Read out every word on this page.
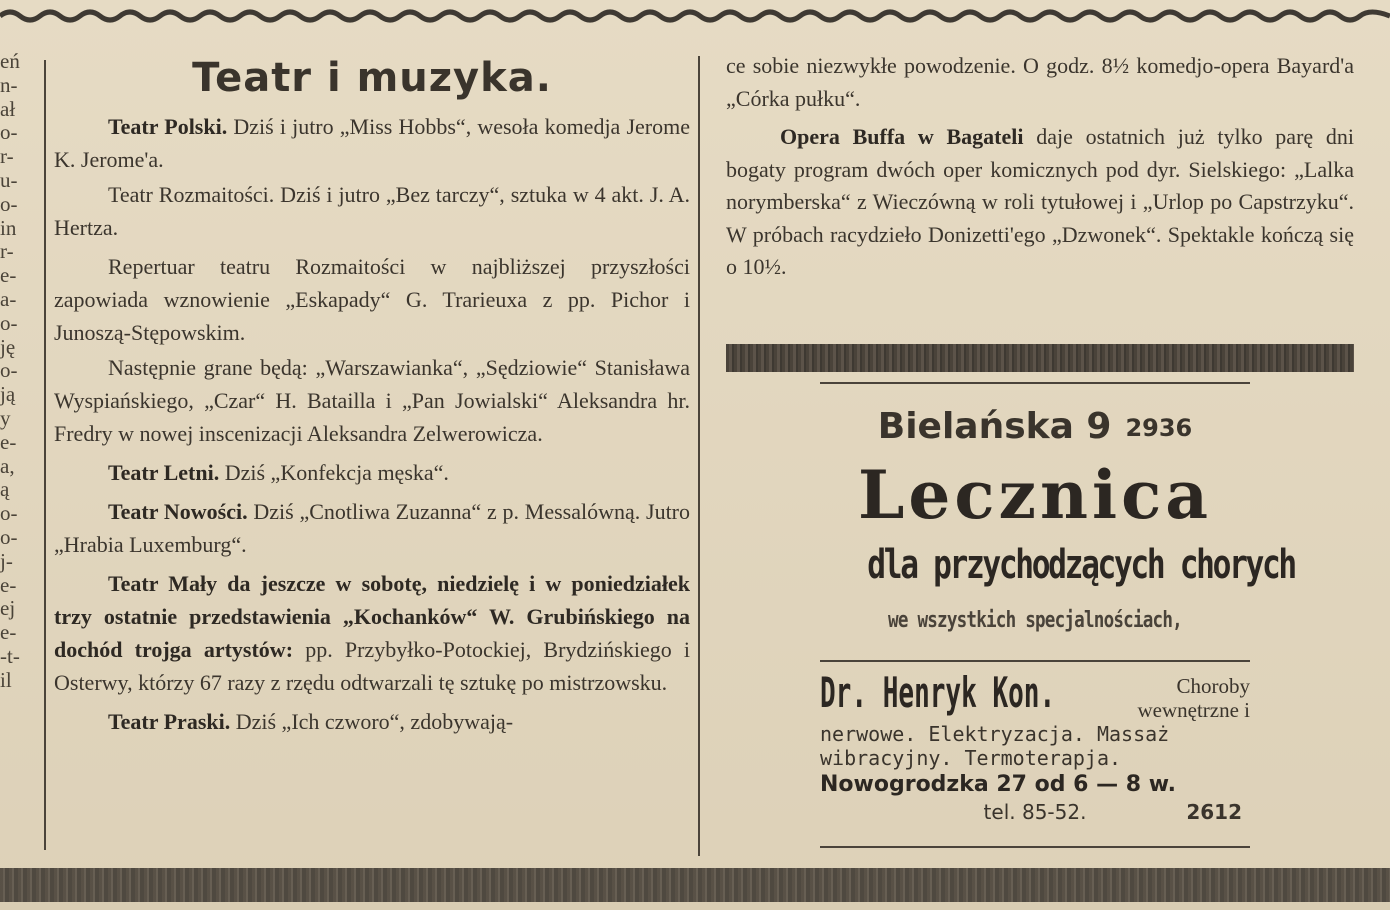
eń
n-
ał
o-
r-
u-
o-
in
r-
e-
a-
o-
ję
o-
ją
y
e-
a,
ą
o-
o-
j-
e-
ej
e-
-t-
il
Teatr i muzyka.

Teatr Polski. Dziś i jutro „Miss Hobbs“, wesoła komedja Jerome K. Jerome'a.

Teatr Rozmaitości. Dziś i jutro „Bez tarczy“, sztuka w 4 akt. J. A. Hertza.

Repertuar teatru Rozmaitości w najbliższej przyszłości zapowiada wznowienie „Eskapady“ G. Trarieuxa z pp. Pichor i Junoszą-Stępowskim.

Następnie grane będą: „Warszawianka“, „Sędziowie“ Stanisława Wyspiańskiego, „Czar“ H. Batailla i „Pan Jowialski“ Aleksandra hr. Fredry w nowej inscenizacji Aleksandra Zelwerowicza.

Teatr Letni. Dziś „Konfekcja męska“.

Teatr Nowości. Dziś „Cnotliwa Zuzanna“ z p. Messalówną. Jutro „Hrabia Luxemburg“.

Teatr Mały da jeszcze w sobotę, niedzielę i w poniedziałek trzy ostatnie przedstawienia „Kochanków“ W. Grubińskiego na dochód trojga artystów: pp. Przybyłko-Potockiej, Brydzińskiego i Osterwy, którzy 67 razy z rzędu odtwarzali tę sztukę po mistrzowsku.

Teatr Praski. Dziś „Ich czworo“, zdobywają-

ce sobie niezwykłe powodzenie. O godz. 8½ komedjo-opera Bayard'a „Córka pułku“.

Opera Buffa w Bagateli daje ostatnich już tylko parę dni bogaty program dwóch oper komicznych pod dyr. Sielskiego: „Lalka norymberska“ z Wieczówną w roli tytułowej i „Urlop po Capstrzyku“. W próbach racydzieło Donizetti'ego „Dzwonek“. Spektakle kończą się o 10½.

Bielańska 9 2936
Lecznica
dla przychodzących chorych
we wszystkich specjalnościach,
Dr. Henryk Kon.	Choroby wewnętrzne i
nerwowe. Elektryzacja. Massaż wibracyjny. Termoterapja.
Nowogrodzka 27 od 6 — 8 w.
tel. 85-52.	2612
